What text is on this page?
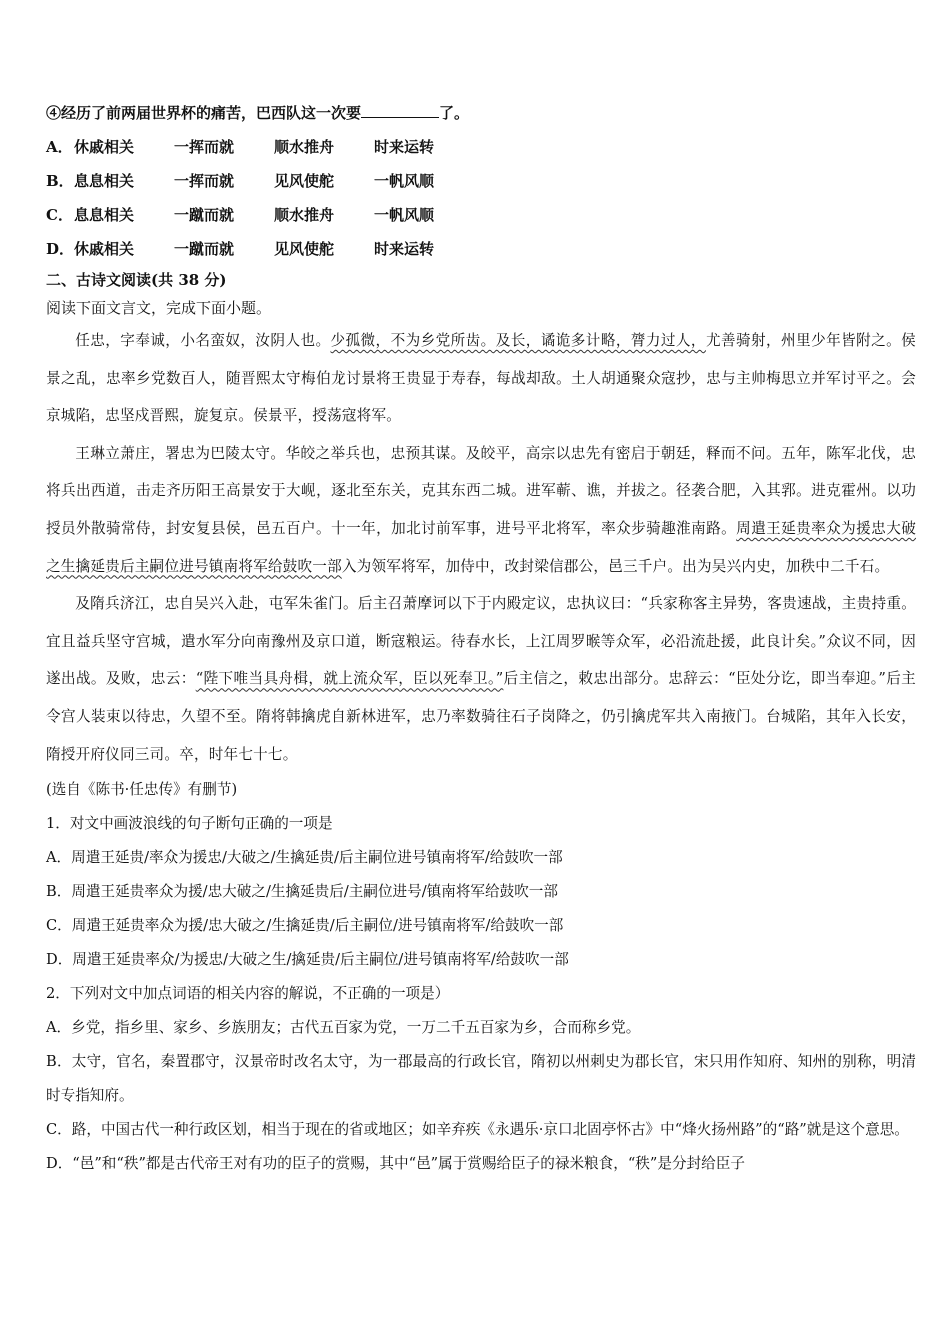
④经历了前两届世界杯的痛苦，巴西队这一次要	了。
A． 休戚相关	一挥而就	顺水推舟	时来运转
B． 息息相关	一挥而就	见风使舵	一帆风顺
C． 息息相关	一蹴而就	顺水推舟	一帆风顺
D． 休戚相关	一蹴而就	见风使舵	时来运转
二、古诗文阅读(共 38 分)
阅读下面文言文，完成下面小题。
任忠，字奉诚，小名蛮奴，汝阴人也。少孤微，不为乡党所齿。及长，谲诡多计略，膂力过人，尤善骑射，州里少年皆附之。侯景之乱，忠率乡党数百人，随晋熙太守梅伯龙讨景将王贵显于寿春，每战却敌。土人胡通聚众寇抄，忠与主帅梅思立并军讨平之。会京城陷，忠坚戍晋熙，旋复京。侯景平，授荡寇将军。
王琳立萧庄，署忠为巴陵太守。华皎之举兵也，忠预其谋。及皎平，高宗以忠先有密启于朝廷，释而不问。五年，陈军北伐，忠将兵出西道，击走齐历阳王高景安于大岘，逐北至东关，克其东西二城。进军蕲、谯，并拔之。径袭合肥，入其郛。进克霍州。以功授员外散骑常侍，封安复县侯，邑五百户。十一年，加北讨前军事，进号平北将军，率众步骑趣淮南路。周遣王延贵率众为援忠大破之生擒延贵后主嗣位进号镇南将军给鼓吹一部入为领军将军，加侍中，改封梁信郡公，邑三千户。出为吴兴内史，加秩中二千石。
及隋兵济江，忠自吴兴入赴，屯军朱雀门。后主召萧摩诃以下于内殿定议，忠执议曰：“兵家称客主异势，客贵速战，主贵持重。宜且益兵坚守宫城，遣水军分向南豫州及京口道，断寇粮运。待春水长，上江周罗㬋等众军，必沿流赴援，此良计矣。”众议不同，因遂出战。及败，忠云：“陛下唯当具舟楫，就上流众军，臣以死奉卫。”后主信之，敕忠出部分。忠辞云：“臣处分讫，即当奉迎。”后主令宫人装束以待忠，久望不至。隋将韩擒虎自新林进军，忠乃率数骑往石子岗降之，仍引擒虎军共入南掖门。台城陷，其年入长安，隋授开府仪同三司。卒，时年七十七。
(选自《陈书·任忠传》有删节)
1．对文中画波浪线的句子断句正确的一项是
A．周遣王延贵/率众为援忠/大破之/生擒延贵/后主嗣位进号镇南将军/给鼓吹一部
B．周遣王延贵率众为援/忠大破之/生擒延贵后/主嗣位进号/镇南将军给鼓吹一部
C．周遣王延贵率众为援/忠大破之/生擒延贵/后主嗣位/进号镇南将军/给鼓吹一部
D．周遣王延贵率众/为援忠/大破之生/擒延贵/后主嗣位/进号镇南将军/给鼓吹一部
2．下列对文中加点词语的相关内容的解说，不正确的一项是）
A．乡党，指乡里、家乡、乡族朋友；古代五百家为党，一万二千五百家为乡，合而称乡党。
B．太守，官名，秦置郡守，汉景帝时改名太守，为一郡最高的行政长官，隋初以州刺史为郡长官，宋只用作知府、知州的别称，明清时专指知府。
C．路，中国古代一种行政区划，相当于现在的省或地区；如辛弃疾《永遇乐·京口北固亭怀古》中“烽火扬州路”的“路”就是这个意思。
D．“邑”和“秩”都是古代帝王对有功的臣子的赏赐，其中“邑”属于赏赐给臣子的禄米粮食，“秩”是分封给臣子
